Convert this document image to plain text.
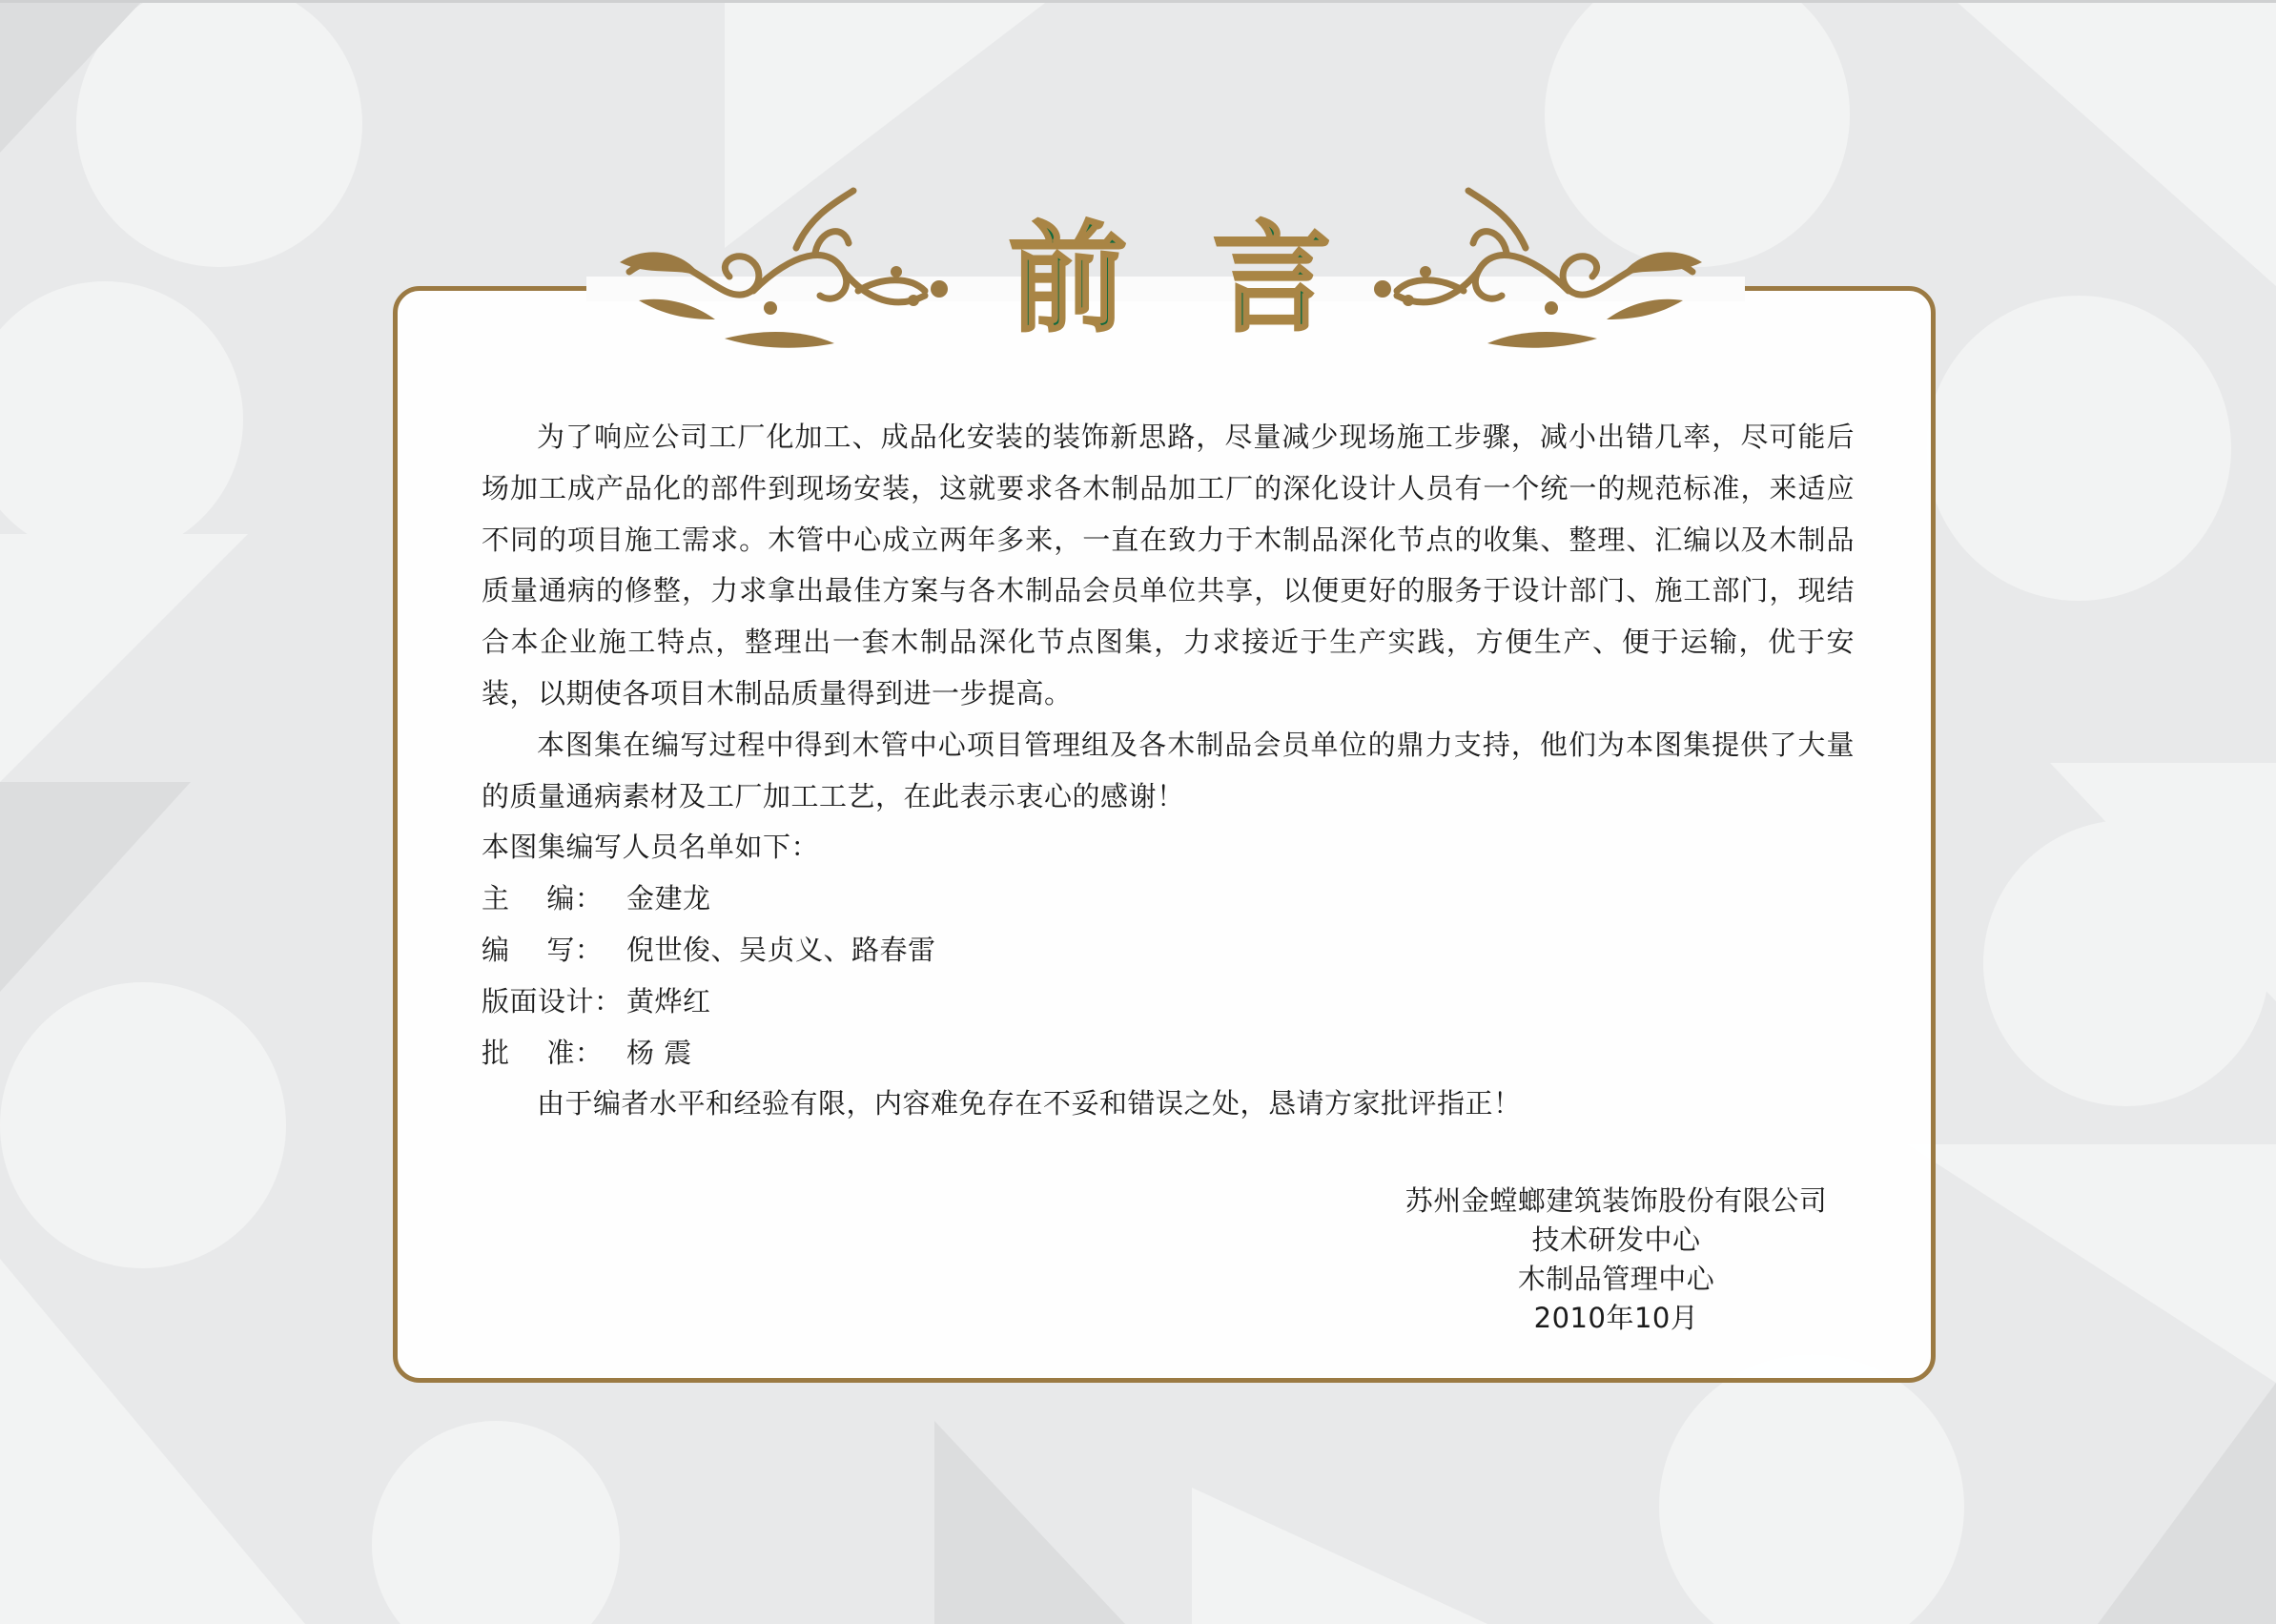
前 言

为了响应公司工厂化加工、成品化安装的装饰新思路，尽量减少现场施工步骤，减小出错几率，尽可能后场加工成产品化的部件到现场安装，这就要求各木制品加工厂的深化设计人员有一个统一的规范标准，来适应不同的项目施工需求。木管中心成立两年多来，一直在致力于木制品深化节点的收集、整理、汇编以及木制品质量通病的修整，力求拿出最佳方案与各木制品会员单位共享，以便更好的服务于设计部门、施工部门，现结合本企业施工特点，整理出一套木制品深化节点图集，力求接近于生产实践，方便生产、便于运输，优于安装，以期使各项目木制品质量得到进一步提高。

本图集在编写过程中得到木管中心项目管理组及各木制品会员单位的鼎力支持，他们为本图集提供了大量的质量通病素材及工厂加工工艺，在此表示衷心的感谢！

本图集编写人员名单如下：

主    编： 金建龙
编    写： 倪世俊、吴贞义、路春雷
版面设计： 黄烨红
批    准： 杨 震

由于编者水平和经验有限，内容难免存在不妥和错误之处，恳请方家批评指正！

苏州金螳螂建筑装饰股份有限公司
技术研发中心
木制品管理中心
2010年10月
